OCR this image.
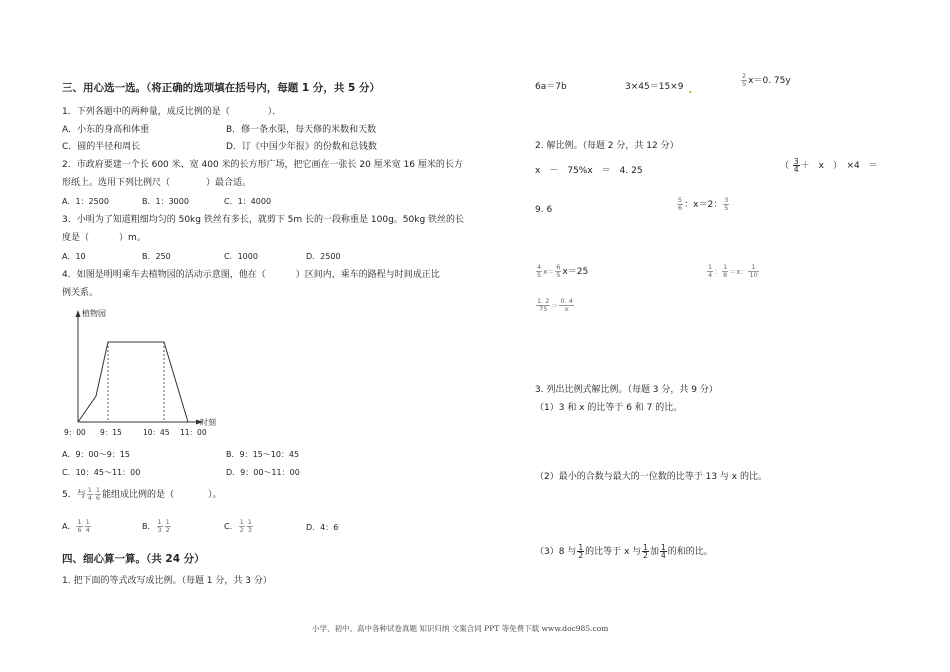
三、用心选一选。（将正确的选项填在括号内，每题 1 分，共 5 分）
1．下列各题中的两种量，成反比例的是（	）．
A．小东的身高和体重	B．修一条水渠，每天修的米数和天数
C．圆的半径和周长	D．订《中国少年报》的份数和总钱数
2．市政府要建一个长 600 米、宽 400 米的长方形广场，把它画在一张长 20 厘米宽 16 厘米的长方
形纸上。选用下列比例尺（	）最合适。
A．1：2500	B．1：3000	C．1：4000
3．小明为了知道粗细均匀的 50kg 铁丝有多长，就剪下 5m 长的一段称重是 100g。50kg 铁丝的长
度是（	）m。
A．10	B．250	C．1000	D．2500
4．如图是明明乘车去植物园的活动示意图，他在（	）区间内，乘车的路程与时间成正比
例关系。
植物园
时刻
9：00 9：15	10：45 11：00
A．9：00～9：15	B．9：15～10：45
C．10：45～11：00	D．9：00～11：00
5．与 $\frac{1}{4} \frac{1}{6}$ 能组成比例的是（	）。
A． $\frac{1}{6} \frac{1}{4}$	B． $\frac{1}{3} \frac{1}{2}$	C． $\frac{1}{2} \frac{1}{3}$	D．4：6
四、细心算一算。（共 24 分）
1. 把下面的等式改写成比例。（每题 1 分，共 3 分）
6a＝7b	3×45＝15×9	$\frac{2}{5} x=0$. 75y
2. 解比例。（每题 2 分，共 12 分）
x　－　75%x　＝　4. 25	（ $\frac{3}{4}$ ＋　x　）　×4　＝
9. 6	$\frac{5}{6}$ ：x＝2： $\frac{3}{5}$
$\frac{4}{5} x= \frac{6}{5} x=25$	$\frac{1}{4}$ ： $\frac{1}{8} =x$： $\frac{1}{10}$
$\frac{1. 2}{75} = \frac{0. 4}{x}$
3. 列出比例式解比例。（每题 3 分，共 9 分）
（1）3 和 x 的比等于 6 和 7 的比。
（2）最小的合数与最大的一位数的比等于 13 与 x 的比。
（3）8 与 $\frac{1}{2}$ 的比等于 x 与 $\frac{1}{2}$ 加 $\frac{1}{4}$ 的和的比。
小学、初中、高中各种试卷真题 知识归纳 文案合同 PPT 等免费下载 www.doc985.com
